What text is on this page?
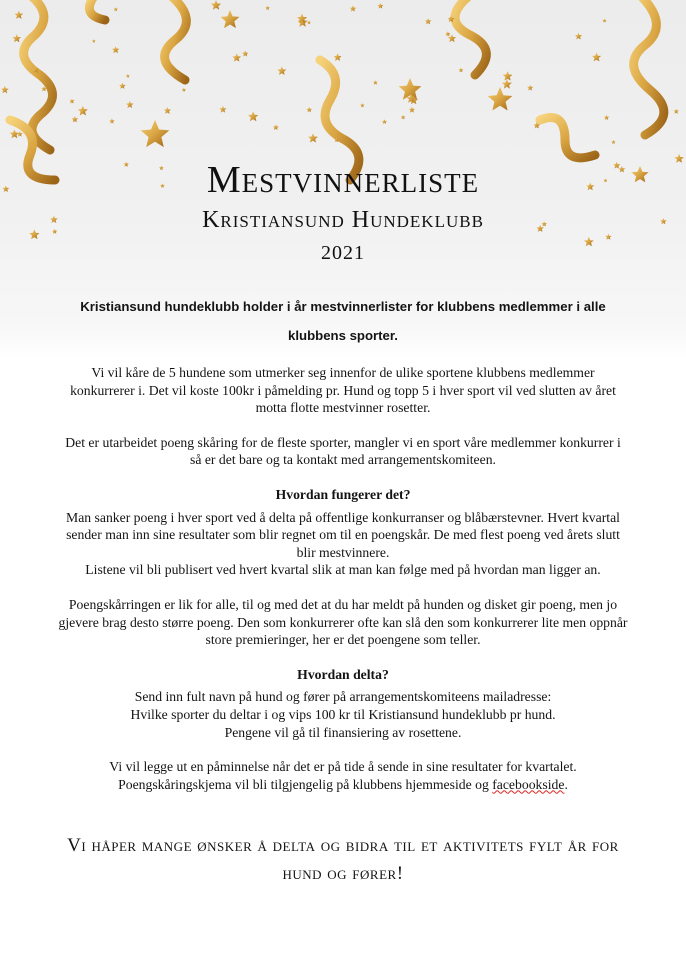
Mestvinnerliste
Kristiansund Hundeklubb
2021
Kristiansund hundeklubb holder i år mestvinnerlister for klubbens medlemmer i alle klubbens sporter.

Vi vil kåre de 5 hundene som utmerker seg innenfor de ulike sportene klubbens medlemmer konkurrerer i. Det vil koste 100kr i påmelding pr. Hund og topp 5 i hver sport vil ved slutten av året motta flotte mestvinner rosetter.

Det er utarbeidet poeng skåring for de fleste sporter, mangler vi en sport våre medlemmer konkurrer i så er det bare og ta kontakt med arrangementskomiteen.

Hvordan fungerer det?
Man sanker poeng i hver sport ved å delta på offentlige konkurranser og blåbærstevner. Hvert kvartal sender man inn sine resultater som blir regnet om til en poengskår. De med flest poeng ved årets slutt blir mestvinnere.

Listene vil bli publisert ved hvert kvartal slik at man kan følge med på hvordan man ligger an.

Poengskårringen er lik for alle, til og med det at du har meldt på hunden og disket gir poeng, men jo gjevere brag desto større poeng. Den som konkurrerer ofte kan slå den som konkurrerer lite men oppnår store premieringer, her er det poengene som teller.

Hvordan delta?
Send inn fult navn på hund og fører på arrangementskomiteens mailadresse:
Hvilke sporter du deltar i og vips 100 kr til Kristiansund hundeklubb pr hund.

Pengene vil gå til finansiering av rosettene.

Vi vil legge ut en påminnelse når det er på tide å sende in sine resultater for kvartalet.
Poengskåringskjema vil bli tilgjengelig på klubbens hjemmeside og facebookside.
Vi håper mange ønsker å delta og bidra til et aktivitets fylt år for hund og fører!
